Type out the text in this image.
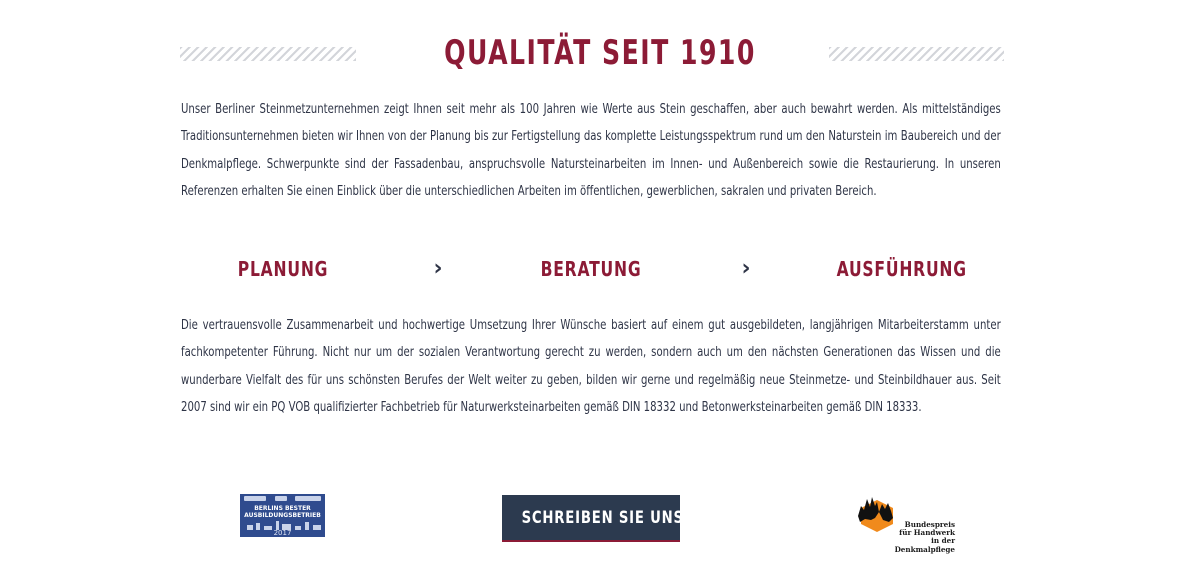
QUALITÄT SEIT 1910

Unser Berliner Steinmetzunternehmen zeigt Ihnen seit mehr als 100 Jahren wie Werte aus Stein geschaffen, aber auch bewahrt werden. Als mittelständiges Traditionsunternehmen bieten wir Ihnen von der Planung bis zur Fertigstellung das komplette Leistungsspektrum rund um den Naturstein im Baubereich und der Denkmalpflege. Schwerpunkte sind der Fassadenbau, anspruchsvolle Natursteinarbeiten im Innen- und Außenbereich sowie die Restaurierung. In unseren Referenzen erhalten Sie einen Einblick über die unterschiedlichen Arbeiten im öffentlichen, gewerblichen, sakralen und privaten Bereich.

PLANUNG	›	BERATUNG	›	AUSFÜHRUNG

Die vertrauensvolle Zusammenarbeit und hochwertige Umsetzung Ihrer Wünsche basiert auf einem gut ausgebildeten, langjährigen Mitarbeiterstamm unter fachkompetenter Führung. Nicht nur um der sozialen Verantwortung gerecht zu werden, sondern auch um den nächsten Generationen das Wissen und die wunderbare Vielfalt des für uns schönsten Berufes der Welt weiter zu geben, bilden wir gerne und regelmäßig neue Steinmetze- und Steinbildhauer aus. Seit 2007 sind wir ein PQ VOB qualifizierter Fachbetrieb für Naturwerksteinarbeiten gemäß DIN 18332 und Betonwerksteinarbeiten gemäß DIN 18333.

BERLINS BESTER
AUSBILDUNGSBETRIEB
2017
SCHREIBEN SIE UNS	Bundespreis
für Handwerk
in der Denkmalpflege
